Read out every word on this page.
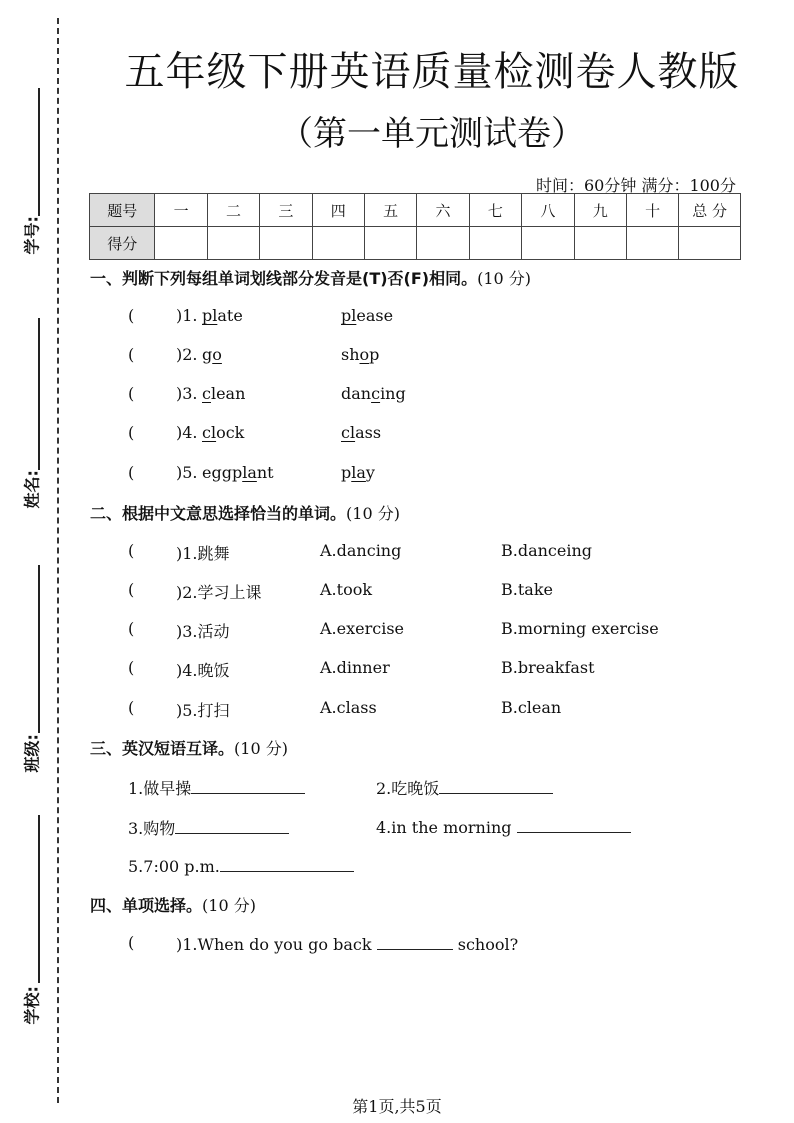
学号:
姓名:
班级:
学校:
五年级下册英语质量检测卷人教版
（第一单元测试卷）
时间：60分钟 满分：100分
题号	一	二	三	四	五	六	七	八	九	十	总 分
得分											
一、判断下列每组单词划线部分发音是(T)否(F)相同。(10 分)
(	)1. plate	please
(	)2. go	shop
(	)3. clean	dancing
(	)4. clock	class
(	)5. eggplant	play
二、根据中文意思选择恰当的单词。(10 分)
(	)1.跳舞	A.dancing	B.danceing
(	)2.学习上课	A.took	B.take
(	)3.活动	A.exercise	B.morning exercise
(	)4.晚饭	A.dinner	B.breakfast
(	)5.打扫	A.class	B.clean
三、英汉短语互译。(10 分)
1.做早操	2.吃晚饭
3.购物	4.in the morning
5.7:00 p.m.
四、单项选择。(10 分)
(	)1.When do you go back	school?
第1页,共5页
